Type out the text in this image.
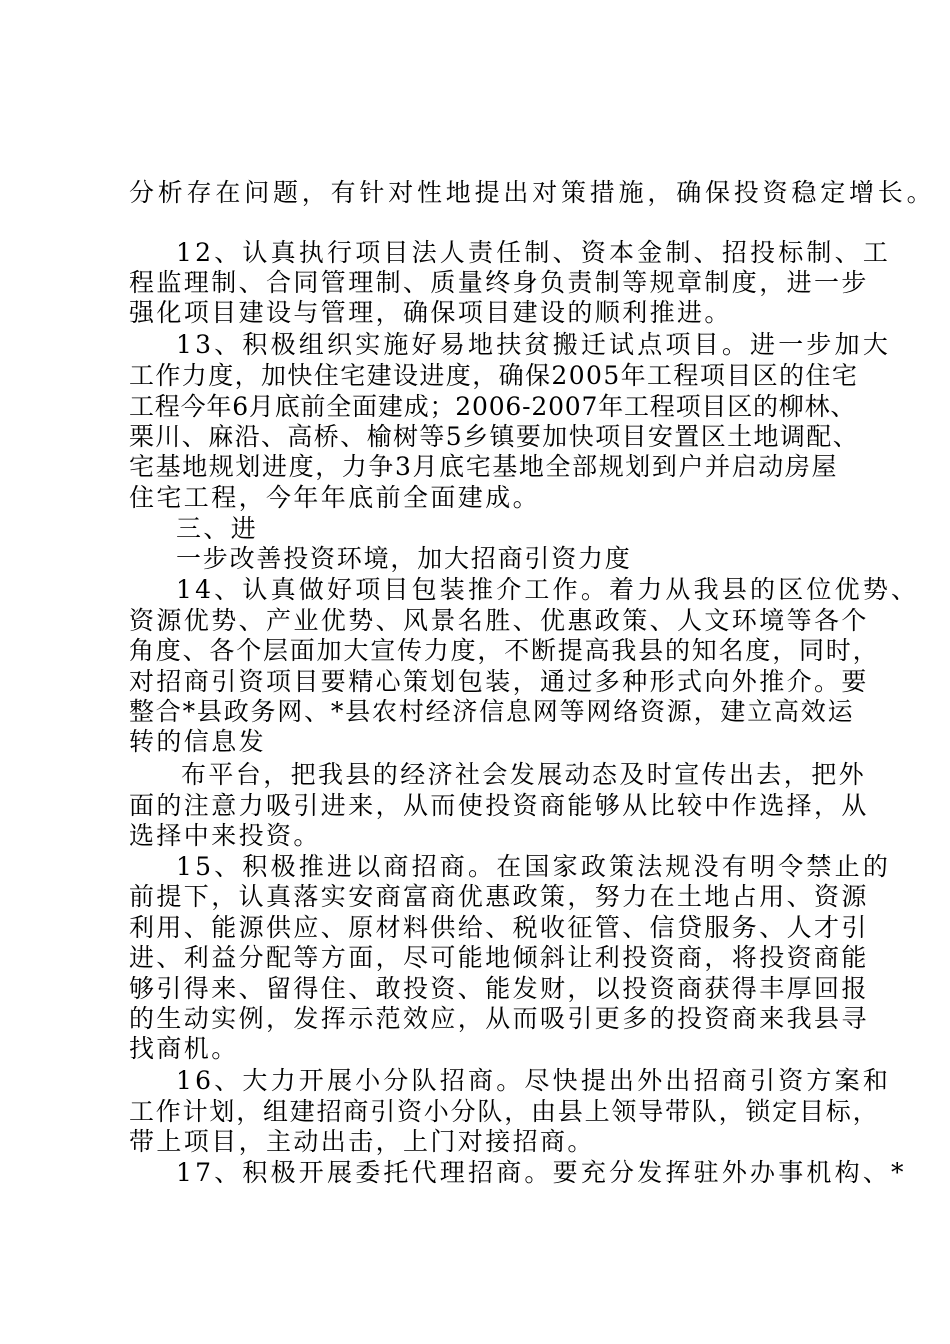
分析存在问题，有针对性地提出对策措施，确保投资稳定增长。
12、认真执行项目法人责任制、资本金制、招投标制、工
程监理制、合同管理制、质量终身负责制等规章制度，进一步
强化项目建设与管理，确保项目建设的顺利推进。
13、积极组织实施好易地扶贫搬迁试点项目。进一步加大
工作力度，加快住宅建设进度，确保2005年工程项目区的住宅
工程今年6月底前全面建成；2006-2007年工程项目区的柳林、
栗川、麻沿、高桥、榆树等5乡镇要加快项目安置区土地调配、
宅基地规划进度，力争3月底宅基地全部规划到户并启动房屋
住宅工程，今年年底前全面建成。
三、进
一步改善投资环境，加大招商引资力度
14、认真做好项目包装推介工作。着力从我县的区位优势、
资源优势、产业优势、风景名胜、优惠政策、人文环境等各个
角度、各个层面加大宣传力度，不断提高我县的知名度，同时，
对招商引资项目要精心策划包装，通过多种形式向外推介。要
整合*县政务网、*县农村经济信息网等网络资源，建立高效运
转的信息发
布平台，把我县的经济社会发展动态及时宣传出去，把外
面的注意力吸引进来，从而使投资商能够从比较中作选择，从
选择中来投资。
15、积极推进以商招商。在国家政策法规没有明令禁止的
前提下，认真落实安商富商优惠政策，努力在土地占用、资源
利用、能源供应、原材料供给、税收征管、信贷服务、人才引
进、利益分配等方面，尽可能地倾斜让利投资商，将投资商能
够引得来、留得住、敢投资、能发财，以投资商获得丰厚回报
的生动实例，发挥示范效应，从而吸引更多的投资商来我县寻
找商机。
16、大力开展小分队招商。尽快提出外出招商引资方案和
工作计划，组建招商引资小分队，由县上领导带队，锁定目标，
带上项目，主动出击，上门对接招商。
17、积极开展委托代理招商。要充分发挥驻外办事机构、*
